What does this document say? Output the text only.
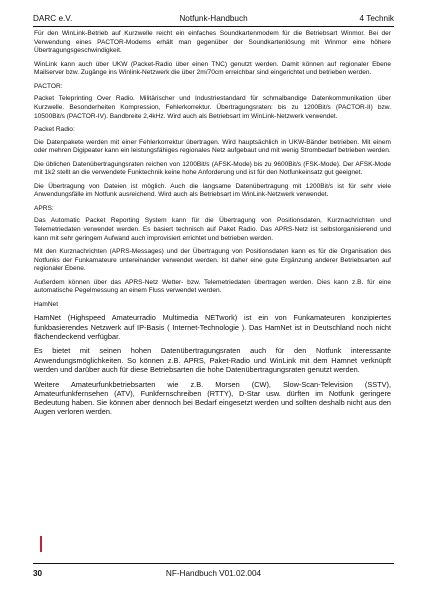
DARC e.V.	Notfunk-Handbuch	4 Technik

Für den WinLink-Betrieb auf Kurzwelle reicht ein einfaches Soundkartenmodem für die Betriebsart Winmor. Bei der Verwendung eines PACTOR-Modems erhält man gegenüber der Soundkartenlösung mit Winmor eine höhere Übertragungsgeschwindigkeit.

WinLink kann auch über UKW (Packet-Radio über einen TNC) genutzt werden. Damit können auf regionaler Ebene Mailserver bzw. Zugänge ins Winlink-Netzwerk die über 2m/70cm erreichbar sind eingerichtet und betrieben werden.

PACTOR:

Packet Teleprinting Over Radio. Militärischer und Industriestandard für schmalbandige Datenkommunikation über Kurzwelle. Besonderheiten Kompression, Fehlerkorrektur. Übertragungsraten: bis zu 1200Bit/s (PACTOR-II) bzw. 10500Bit/s (PACTOR-IV). Bandbreite 2,4kHz. Wird auch als Betriebsart im WinLink-Netzwerk verwendet.

Packet Radio:

Die Datenpakete werden mit einer Fehlerkorrektur übertragen. Wird hauptsächlich in UKW-Bänder betrieben. Mit einem oder mehren Digipeater kann ein leistungsfähiges regionales Netz aufgebaut und mit wenig Strombedarf betrieben werden.

Die üblichen Datenübertragungsraten reichen von 1200Bit/s (AFSK-Mode) bis zu 9600Bit/s (FSK-Mode). Der AFSK-Mode mit 1k2 stellt an die verwendete Funktechnik keine hohe Anforderung und ist für den Notfunkeinsatz gut geeignet.

Die Übertragung von Dateien ist möglich. Auch die langsame Datenübertragung mit 1200Bit/s ist für sehr viele Anwendungsfälle im Notfunk ausreichend. Wird auch als Betriebsart im WinLink-Netzwerk verwendet.

APRS:

Das Automatic Packet Reporting System kann für die Übertragung von Positionsdaten, Kurznachrichten und Telemetriedaten verwendet werden. Es basiert technisch auf Paket Radio. Das APRS-Netz ist selbstorganisierend und kann mit sehr geringem Aufwand auch improvisiert errichtet und betrieben werden.

Mit den Kurznachrichten (APRS-Messages) und der Übertragung von Positionsdaten kann es für die Organisation des Notfunks der Funkamateure untereinander verwendet werden. Ist daher eine gute Ergänzung anderer Betriebsarten auf regionaler Ebene.

Außerdem können über das APRS-Netz Wetter- bzw. Telemetriedaten übertragen werden. Dies kann z.B. für eine automatische Pegelmessung an einem Fluss verwendet werden.

HamNet

HamNet (Highspeed Amateurradio Multimedia NETwork) ist ein von Funkamateuren konzipiertes funkbasierendes Netzwerk auf IP-Basis ( Internet-Technologie ). Das HamNet ist in Deutschland noch nicht flächendeckend verfügbar.

Es bietet mit seinen hohen Datenübertragungsraten auch für den Notfunk interessante Anwendungsmöglichkeiten. So können z.B. APRS, Paket-Radio und WinLink mit dem Hamnet verknüpft werden und darüber auch für diese Betriebsarten die hohe Datenübertragungsraten genutzt werden.

Weitere Amateurfunkbetriebsarten wie z.B. Morsen (CW), Slow-Scan-Television (SSTV), Amateurfunkfernsehen (ATV), Funkfernschreiben (RTTY), D-Star usw. dürften im Notfunk geringere Bedeutung haben. Sie können aber dennoch bei Bedarf eingesetzt werden und sollten deshalb nicht aus den Augen verloren werden.

30	NF-Handbuch V01.02.004
